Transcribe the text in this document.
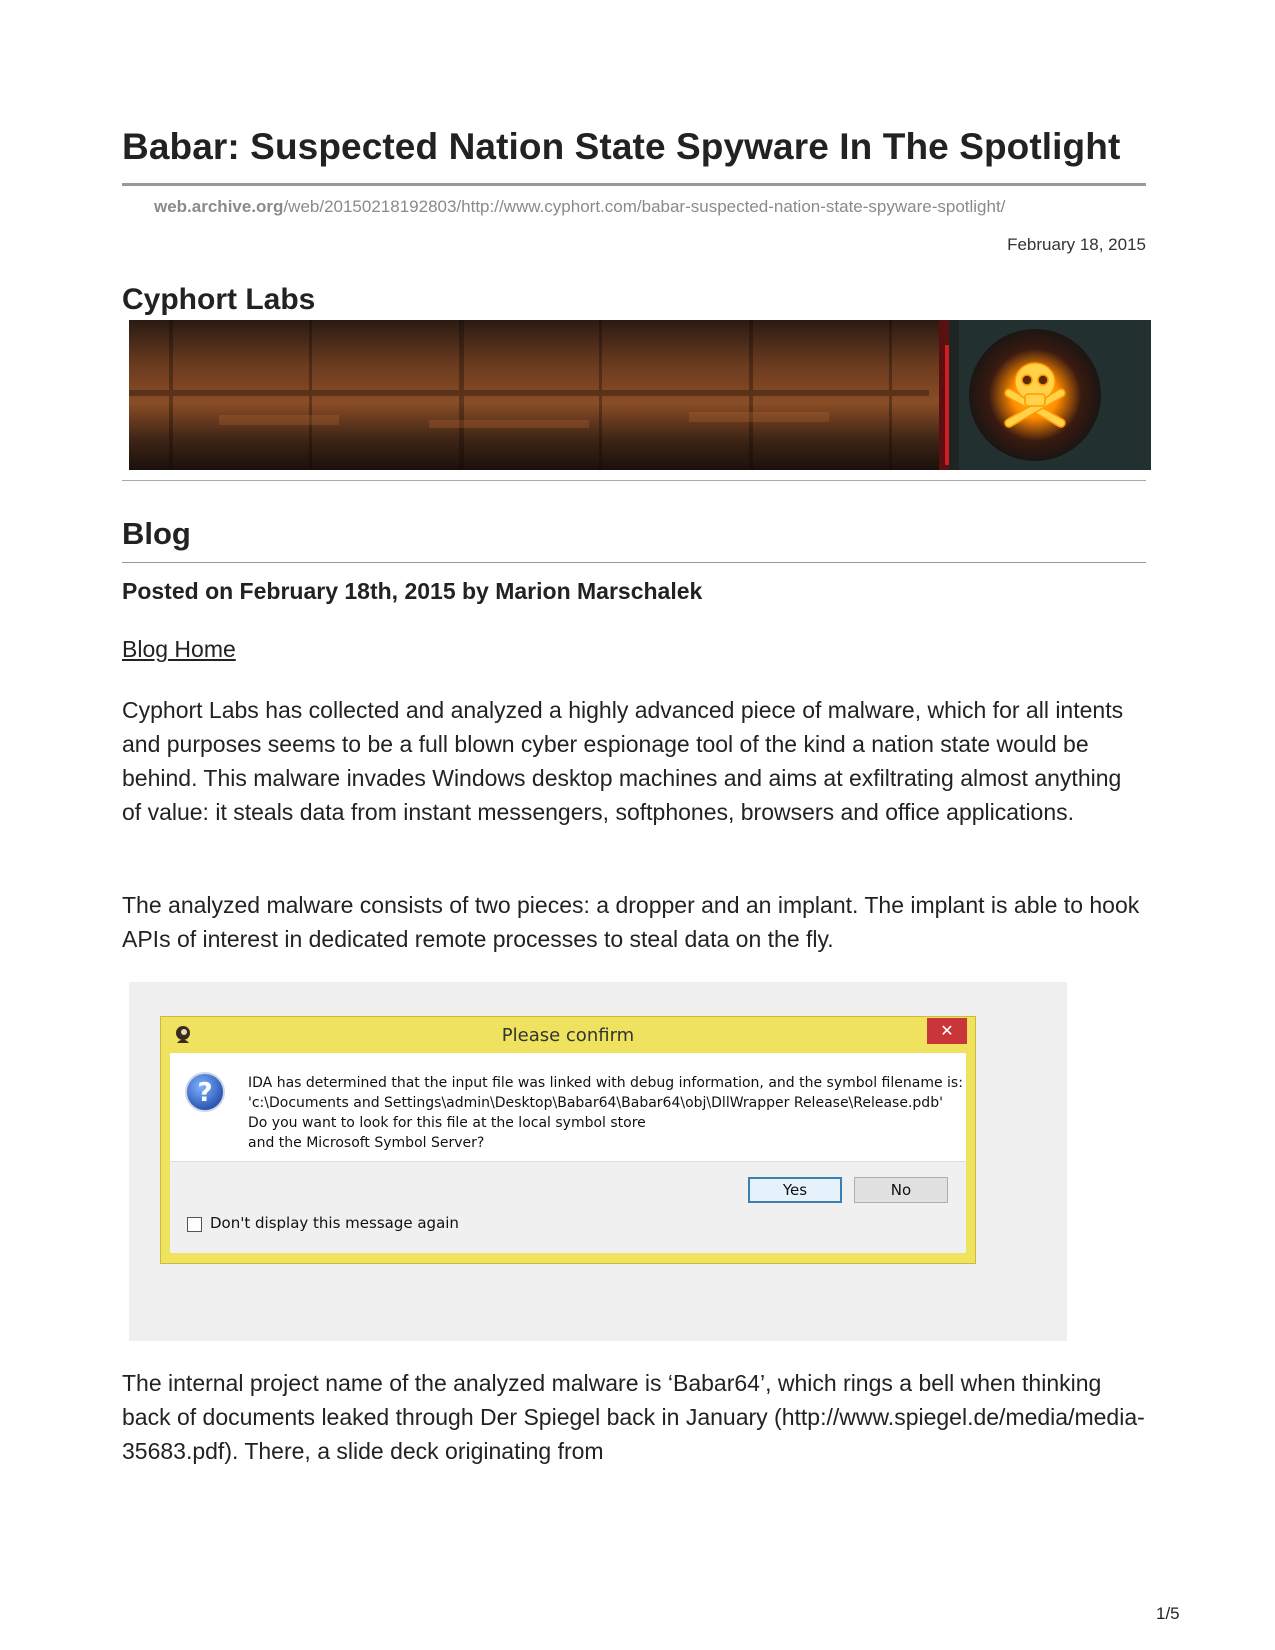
Babar: Suspected Nation State Spyware In The Spotlight
web.archive.org/web/20150218192803/http://www.cyphort.com/babar-suspected-nation-state-spyware-spotlight/
February 18, 2015
Cyphort Labs
Blog
Posted on February 18th, 2015 by Marion Marschalek
Blog Home

Cyphort Labs has collected and analyzed a highly advanced piece of malware, which for all intents and purposes seems to be a full blown cyber espionage tool of the kind a nation state would be behind. This malware invades Windows desktop machines and aims at exfiltrating almost anything of value: it steals data from instant messengers, softphones, browsers and office applications.

The analyzed malware consists of two pieces: a dropper and an implant. The implant is able to hook APIs of interest in dedicated remote processes to steal data on the fly.

Please confirm	✕
?	IDA has determined that the input file was linked with debug information, and the symbol filename is:
'c:\Documents and Settings\admin\Desktop\Babar64\Babar64\obj\DllWrapper Release\Release.pdb'
Do you want to look for this file at the local symbol store
and the Microsoft Symbol Server?
Yes	No
Don't display this message again

The internal project name of the analyzed malware is ‘Babar64’, which rings a bell when thinking back of documents leaked through Der Spiegel back in January (http://www.spiegel.de/media/media-35683.pdf). There, a slide deck originating from

1/5
